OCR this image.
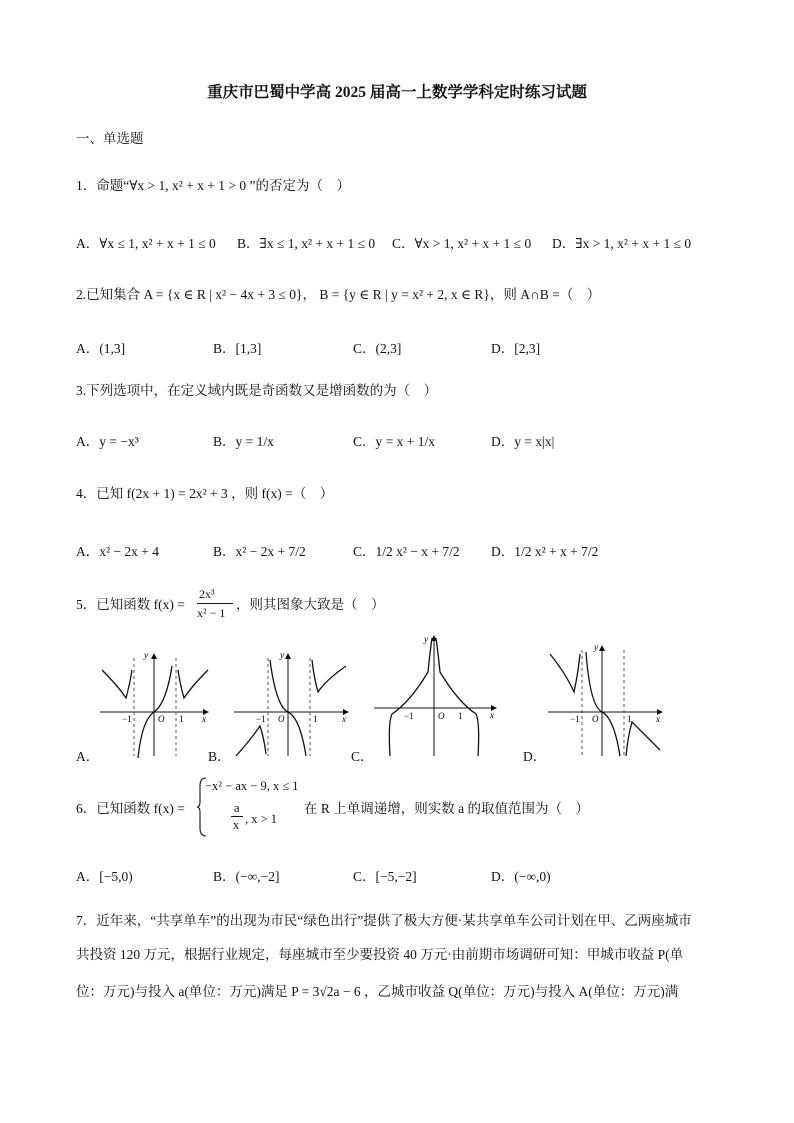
重庆市巴蜀中学高 2025 届高一上数学学科定时练习试题
一、单选题
1．命题“∀x > 1, x² + x + 1 > 0 ”的否定为（　）
A．∀x ≤ 1, x² + x + 1 ≤ 0 B．∃x ≤ 1, x² + x + 1 ≤ 0 C．∀x > 1, x² + x + 1 ≤ 0 D．∃x > 1, x² + x + 1 ≤ 0
2.已知集合 A = {x ∈ R | x² − 4x + 3 ≤ 0}， B = {y ∈ R | y = x² + 2, x ∈ R}，则 A∩B =（　）
A．(1,3]	B．[1,3]	C．(2,3]	D．[2,3]
3.下列选项中，在定义域内既是奇函数又是增函数的为（　）
A．y = −x³	B．y = 1/x	C．y = x + 1/x	D．y = x|x|
4．已知 f(2x + 1) = 2x² + 3 ，则 f(x) =（　）
A．x² − 2x + 4	B．x² − 2x + 7/2	C．1/2 x² − x + 7/2 D．1/2 x² + x + 7/2
5．已知函数 f(x) =
2x³
x² − 1
，则其图象大致是（　）
y
x
−1	O 1
A．
y
x
−1 O	1
B．
y
x
−1	O 1
C．
y
x
−1 O	1
D．
6．已知函数 f(x) =
−x² − ax − 9, x ≤ 1
a
x , x > 1
在 R 上单调递增，则实数 a 的取值范围为（　）
A．[−5,0)	B．(−∞,−2]	C．[−5,−2]	D．(−∞,0)
7．近年来，“共享单车”的出现为市民“绿色出行”提供了极大方便·某共享单车公司计划在甲、乙两座城市
共投资 120 万元，根据行业规定，每座城市至少要投资 40 万元·由前期市场调研可知：甲城市收益 P(单
位：万元)与投入 a(单位：万元)满足 P = 3√2a − 6 ，乙城市收益 Q(单位：万元)与投入 A(单位：万元)满
